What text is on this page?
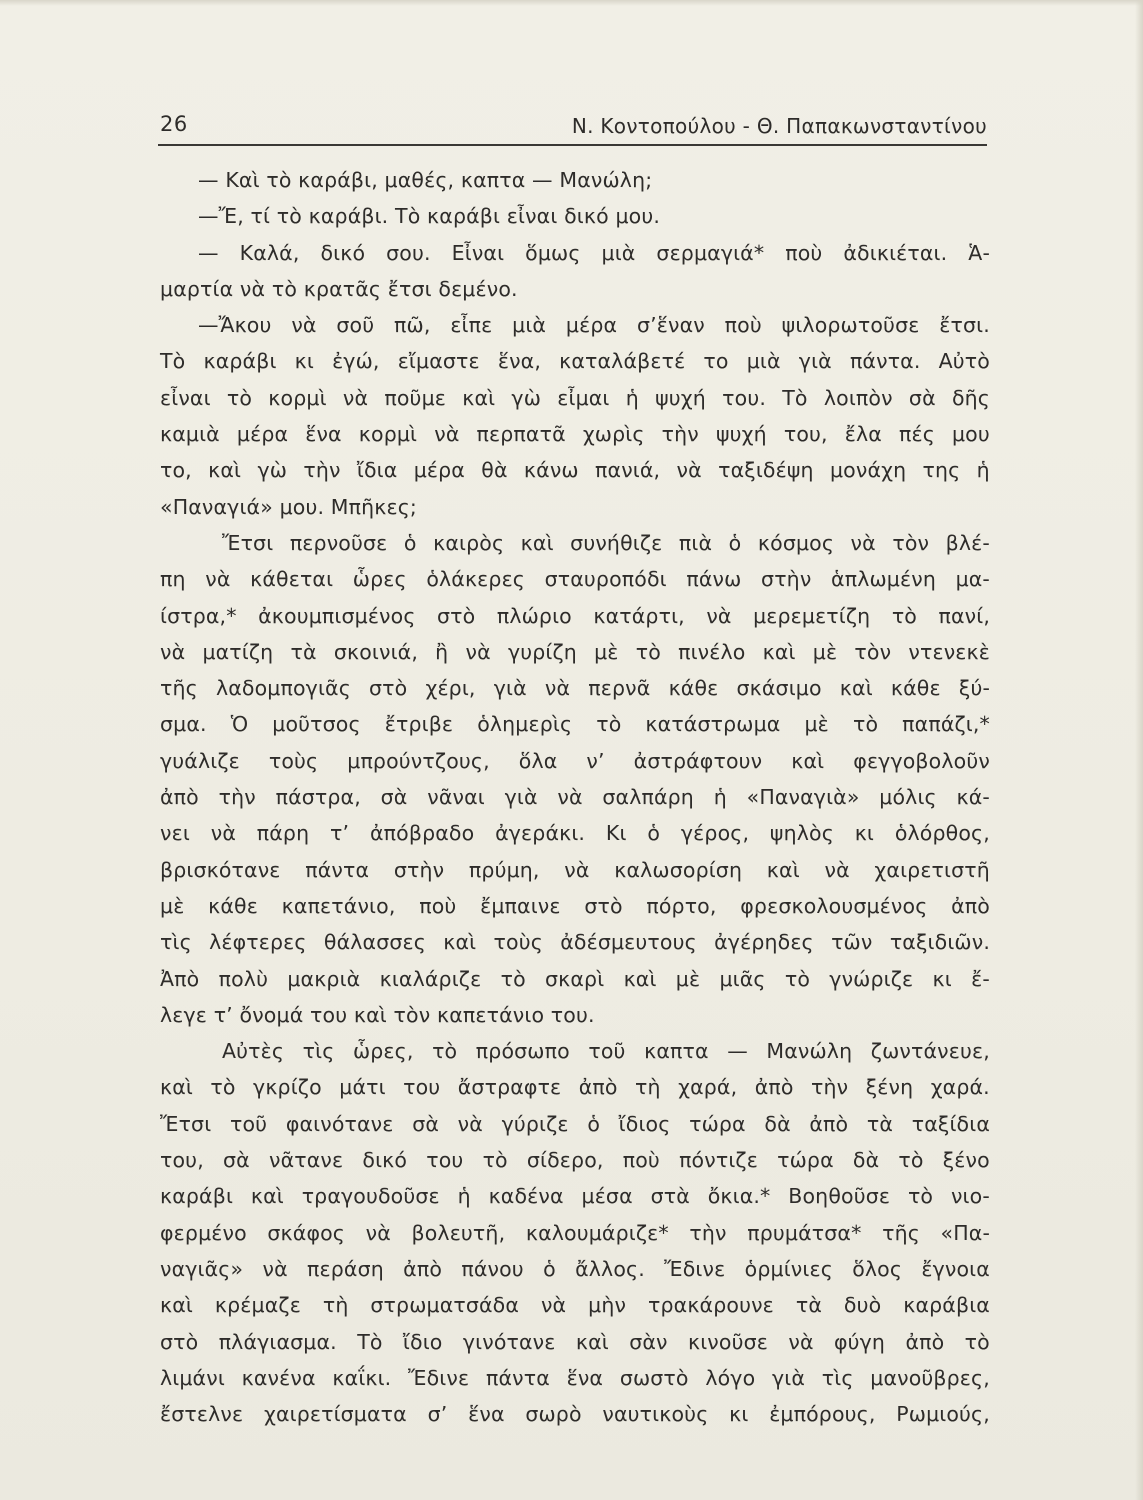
26	Ν. Κοντοπούλου - Θ. Παπακωνσταντίνου
— Καὶ τὸ καράβι, μαθές, καπτα — Μανώλη;
—Ἔ, τί τὸ καράβι. Τὸ καράβι εἶναι δικό μου.
— Καλά, δικό σου. Εἶναι ὅμως μιὰ σερμαγιά* ποὺ ἀδικιέται. Ἁ-
μαρτία νὰ τὸ κρατᾶς ἔτσι δεμένο.
—Ἄκου νὰ σοῦ πῶ, εἶπε μιὰ μέρα σ’ἕναν ποὺ ψιλορωτοῦσε ἔτσι.
Τὸ καράβι κι ἐγώ, εἴμαστε ἕνα, καταλάβετέ το μιὰ γιὰ πάντα. Αὐτὸ
εἶναι τὸ κορμὶ νὰ ποῦμε καὶ γὼ εἶμαι ἡ ψυχή του. Τὸ λοιπὸν σὰ δῆς
καμιὰ μέρα ἕνα κορμὶ νὰ περπατᾶ χωρὶς τὴν ψυχή του, ἔλα πές μου
το, καὶ γὼ τὴν ἴδια μέρα θὰ κάνω πανιά, νὰ ταξιδέψη μονάχη της ἡ
«Παναγιά» μου. Μπῆκες;
Ἔτσι περνοῦσε ὁ καιρὸς καὶ συνήθιζε πιὰ ὁ κόσμος νὰ τὸν βλέ-
πη νὰ κάθεται ὧρες ὁλάκερες σταυροπόδι πάνω στὴν ἁπλωμένη μα-
ίστρα,* ἀκουμπισμένος στὸ πλώριο κατάρτι, νὰ μερεμετίζη τὸ πανί,
νὰ ματίζη τὰ σκοινιά, ἢ νὰ γυρίζη μὲ τὸ πινέλο καὶ μὲ τὸν ντενεκὲ
τῆς λαδομπογιᾶς στὸ χέρι, γιὰ νὰ περνᾶ κάθε σκάσιμο καὶ κάθε ξύ-
σμα. Ὁ μοῦτσος ἔτριβε ὁλημερὶς τὸ κατάστρωμα μὲ τὸ παπάζι,*
γυάλιζε τοὺς μπρούντζους, ὅλα ν’ ἀστράφτουν καὶ φεγγοβολοῦν
ἀπὸ τὴν πάστρα, σὰ νᾶναι γιὰ νὰ σαλπάρη ἡ «Παναγιὰ» μόλις κά-
νει νὰ πάρη τ’ ἀπόβραδο ἀγεράκι. Κι ὁ γέρος, ψηλὸς κι ὁλόρθος,
βρισκότανε πάντα στὴν πρύμη, νὰ καλωσορίση καὶ νὰ χαιρετιστῆ
μὲ κάθε καπετάνιο, ποὺ ἔμπαινε στὸ πόρτο, φρεσκολουσμένος ἀπὸ
τὶς λέφτερες θάλασσες καὶ τοὺς ἀδέσμευτους ἀγέρηδες τῶν ταξιδιῶν.
Ἀπὸ πολὺ μακριὰ κιαλάριζε τὸ σκαρὶ καὶ μὲ μιᾶς τὸ γνώριζε κι ἔ-
λεγε τ’ ὄνομά του καὶ τὸν καπετάνιο του.
Αὐτὲς τὶς ὧρες, τὸ πρόσωπο τοῦ καπτα — Μανώλη ζωντάνευε,
καὶ τὸ γκρίζο μάτι του ἄστραφτε ἀπὸ τὴ χαρά, ἀπὸ τὴν ξένη χαρά.
Ἔτσι τοῦ φαινότανε σὰ νὰ γύριζε ὁ ἴδιος τώρα δὰ ἀπὸ τὰ ταξίδια
του, σὰ νᾶτανε δικό του τὸ σίδερο, ποὺ πόντιζε τώρα δὰ τὸ ξένο
καράβι καὶ τραγουδοῦσε ἡ καδένα μέσα στὰ ὄκια.* Βοηθοῦσε τὸ νιο-
φερμένο σκάφος νὰ βολευτῆ, καλουμάριζε* τὴν πρυμάτσα* τῆς «Πα-
ναγιᾶς» νὰ περάση ἀπὸ πάνου ὁ ἄλλος. Ἔδινε ὁρμίνιες ὅλος ἔγνοια
καὶ κρέμαζε τὴ στρωματσάδα νὰ μὴν τρακάρουνε τὰ δυὸ καράβια
στὸ πλάγιασμα. Τὸ ἴδιο γινότανε καὶ σὰν κινοῦσε νὰ φύγη ἀπὸ τὸ
λιμάνι κανένα καΐκι. Ἔδινε πάντα ἕνα σωστὸ λόγο γιὰ τὶς μανοῦβρες,
ἔστελνε χαιρετίσματα σ’ ἕνα σωρὸ ναυτικοὺς κι ἐμπόρους, Ρωμιούς,
